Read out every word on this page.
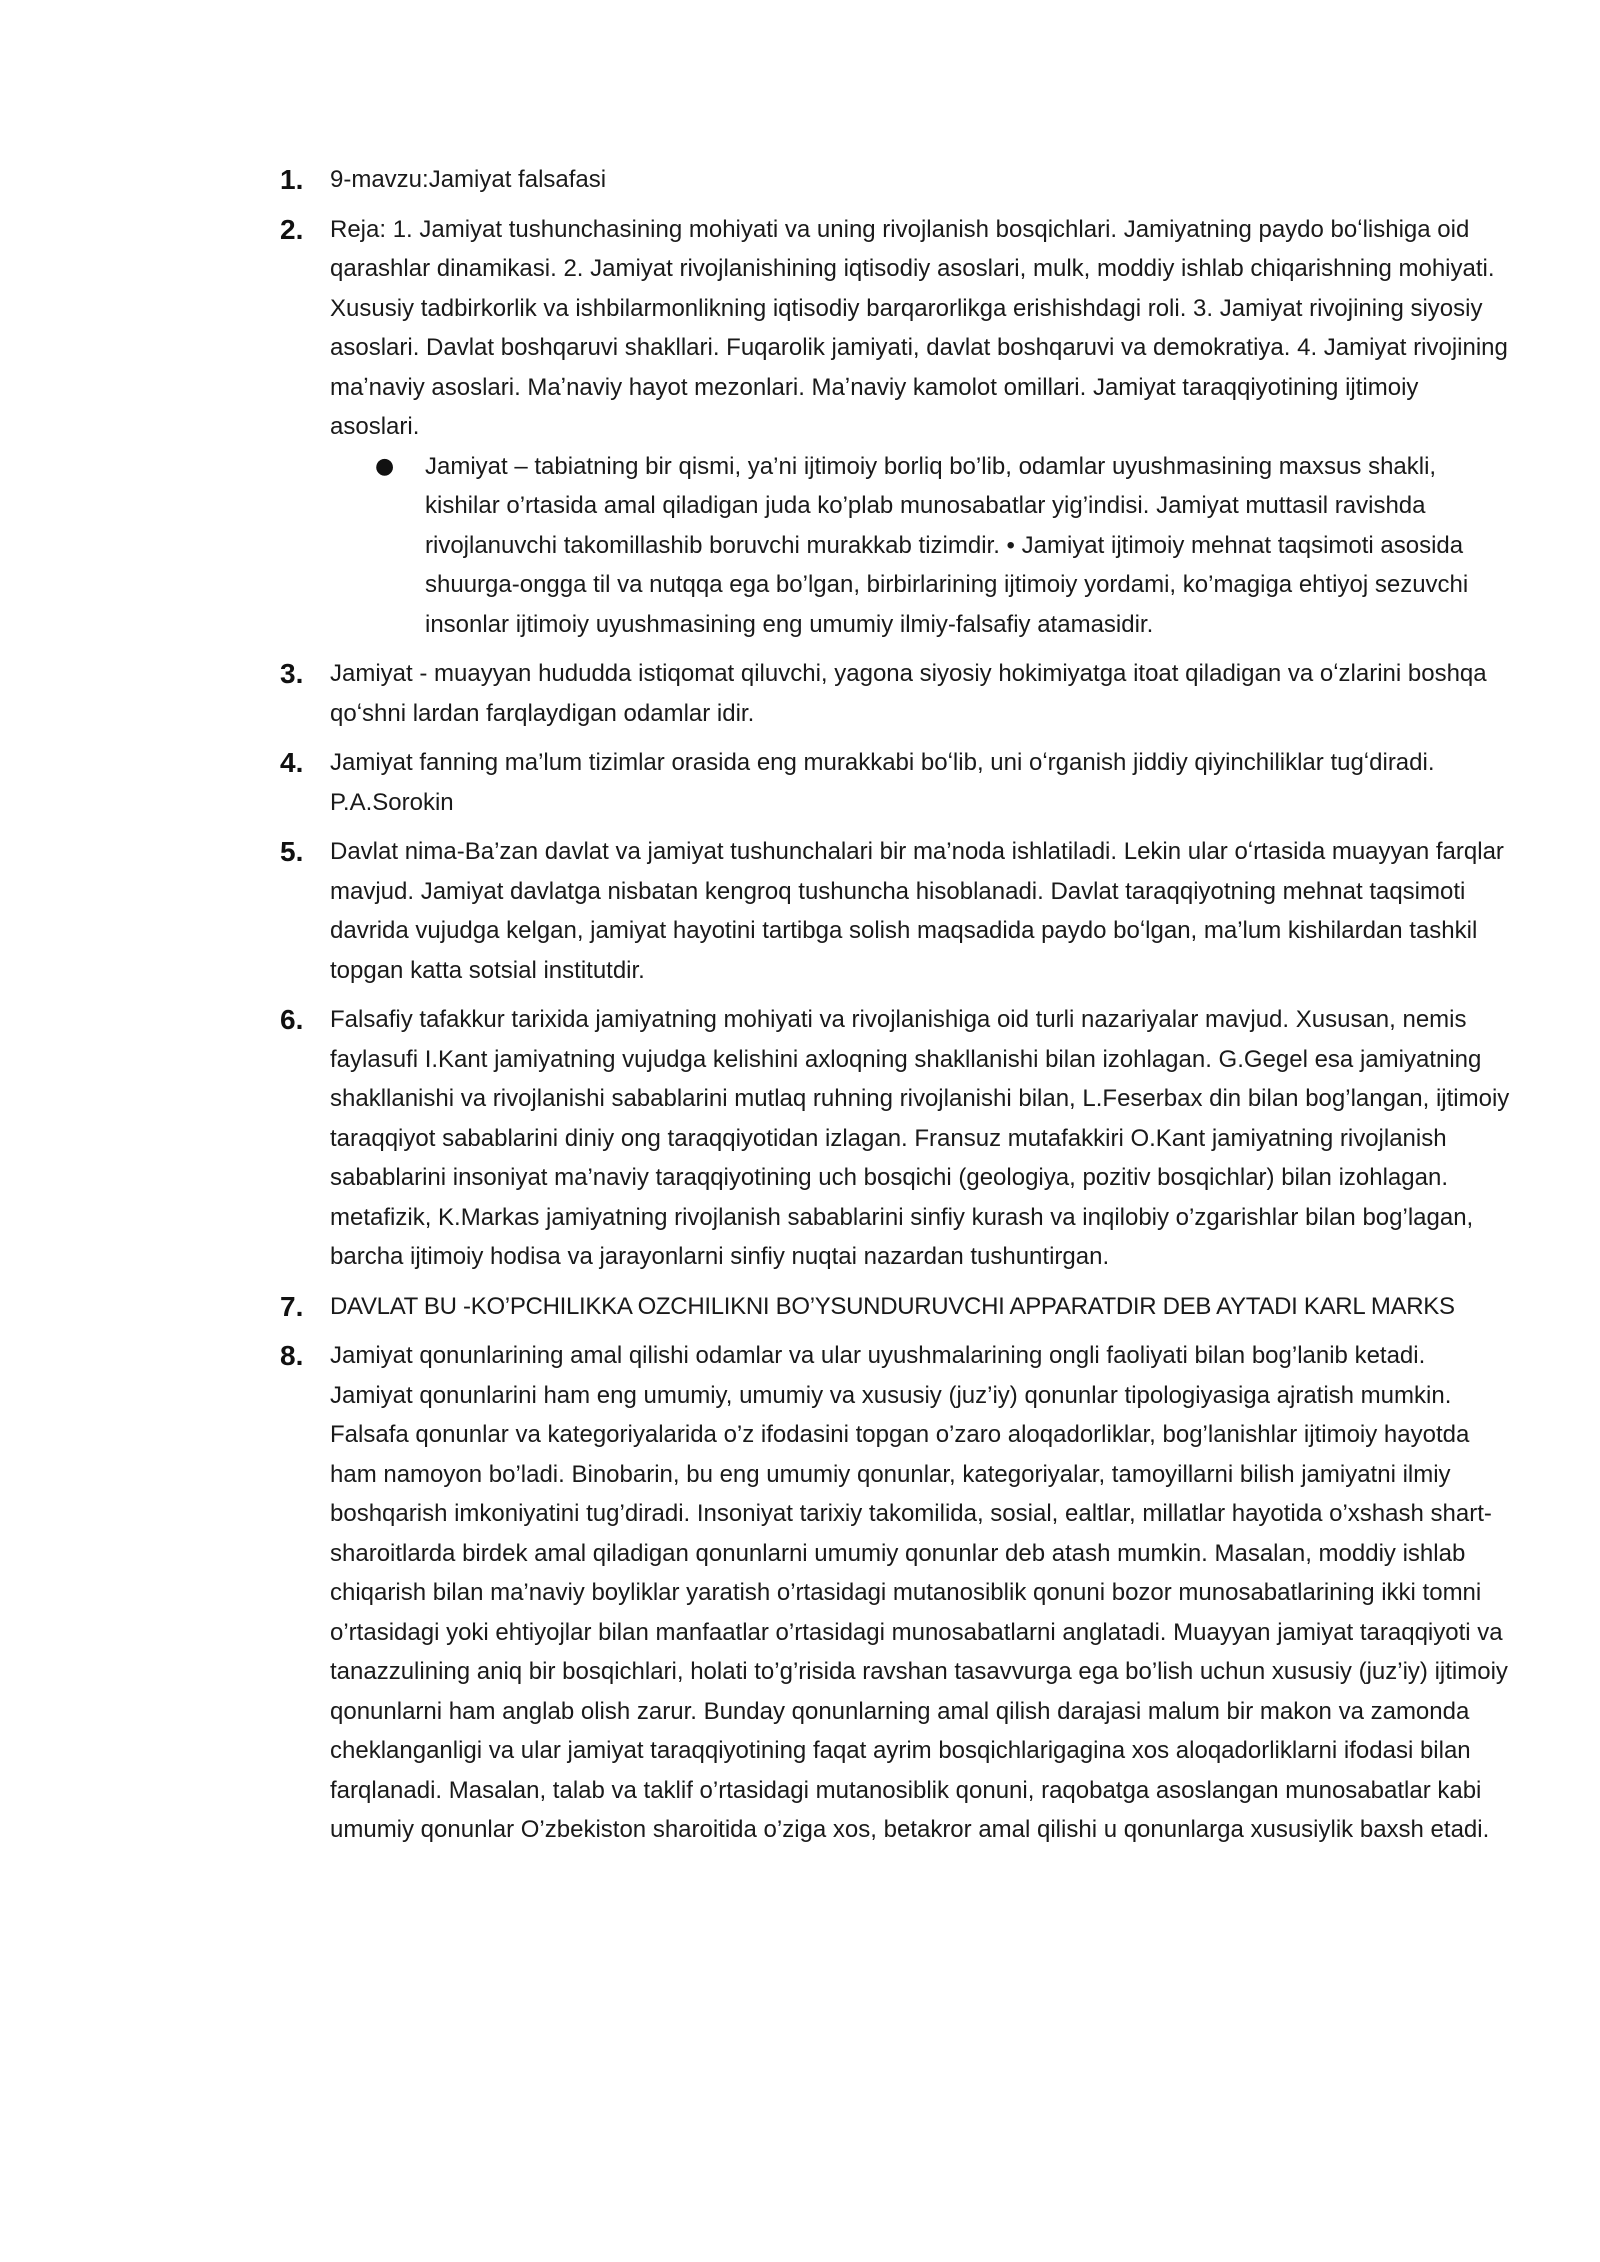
1. 9-mavzu:Jamiyat falsafasi
2. Reja: 1. Jamiyat tushunchasining mohiyati va uning rivojlanish bosqichlari. Jamiyatning paydo boʻlishiga oid qarashlar dinamikasi. 2. Jamiyat rivojlanishining iqtisodiy asoslari, mulk, moddiy ishlab chiqarishning mohiyati. Xususiy tadbirkorlik va ishbilarmonlikning iqtisodiy barqarorlikga erishishdagi roli. 3. Jamiyat rivojining siyosiy asoslari. Davlat boshqaruvi shakllari. Fuqarolik jamiyati, davlat boshqaruvi va demokratiya. 4. Jamiyat rivojining maʼnaviy asoslari. Maʼnaviy hayot mezonlari. Maʼnaviy kamolot omillari. Jamiyat taraqqiyotining ijtimoiy asoslari.
● Jamiyat – tabiatning bir qismi, ya’ni ijtimoiy borliq bo’lib, odamlar uyushmasining maxsus shakli, kishilar o’rtasida amal qiladigan juda ko’plab munosabatlar yig’indisi. Jamiyat muttasil ravishda rivojlanuvchi takomillashib boruvchi murakkab tizimdir. • Jamiyat ijtimoiy mehnat taqsimoti asosida shuurga-ongga til va nutqqa ega bo’lgan, birbirlarining ijtimoiy yordami, ko’magiga ehtiyoj sezuvchi insonlar ijtimoiy uyushmasining eng umumiy ilmiy-falsafiy atamasidir.
3. Jamiyat - muayyan hududda istiqomat qiluvchi, yagona siyosiy hokimiyatga itoat qiladigan va oʻzlarini boshqa qoʻshni lardan farqlaydigan odamlar idir.
4. Jamiyat fanning ma’lum tizimlar orasida eng murakkabi boʻlib, uni oʻrganish jiddiy qiyinchiliklar tugʻdiradi. P.A.Sorokin
5. Davlat nima-Ba’zan davlat va jamiyat tushunchalari bir ma’noda ishlatiladi. Lekin ular oʻrtasida muayyan farqlar mavjud. Jamiyat davlatga nisbatan kengroq tushuncha hisoblanadi. Davlat taraqqiyotning mehnat taqsimoti davrida vujudga kelgan, jamiyat hayotini tartibga solish maqsadida paydo boʻlgan, ma’lum kishilardan tashkil topgan katta sotsial institutdir.
6. Falsafiy tafakkur tarixida jamiyatning mohiyati va rivojlanishiga oid turli nazariyalar mavjud. Xususan, nemis faylasufi I.Kant jamiyatning vujudga kelishini axloqning shakllanishi bilan izohlagan. G.Gegel esa jamiyatning shakllanishi va rivojlanishi sabablarini mutlaq ruhning rivojlanishi bilan, L.Feserbax din bilan bog’langan, ijtimoiy taraqqiyot sabablarini diniy ong taraqqiyotidan izlagan. Fransuz mutafakkiri O.Kant jamiyatning rivojlanish sabablarini insoniyat ma’naviy taraqqiyotining uch bosqichi (geologiya, pozitiv bosqichlar) bilan izohlagan. metafizik, K.Markas jamiyatning rivojlanish sabablarini sinfiy kurash va inqilobiy o’zgarishlar bilan bog’lagan, barcha ijtimoiy hodisa va jarayonlarni sinfiy nuqtai nazardan tushuntirgan.
7. DAVLAT BU -KO’PCHILIKKA OZCHILIKNI BO’YSUNDURUVCHI APPARATDIR DEB AYTADI KARL MARKS
8. Jamiyat qonunlarining amal qilishi odamlar va ular uyushmalarining ongli faoliyati bilan bog’lanib ketadi. Jamiyat qonunlarini ham eng umumiy, umumiy va xususiy (juz’iy) qonunlar tipologiyasiga ajratish mumkin. Falsafa qonunlar va kategoriyalarida o’z ifodasini topgan o’zaro aloqadorliklar, bog’lanishlar ijtimoiy hayotda ham namoyon bo’ladi. Binobarin, bu eng umumiy qonunlar, kategoriyalar, tamoyillarni bilish jamiyatni ilmiy boshqarish imkoniyatini tug’diradi. Insoniyat tarixiy takomilida, sosial, ealtlar, millatlar hayotida o’xshash shart-sharoitlarda birdek amal qiladigan qonunlarni umumiy qonunlar deb atash mumkin. Masalan, moddiy ishlab chiqarish bilan ma’naviy boyliklar yaratish o’rtasidagi mutanosiblik qonuni bozor munosabatlarining ikki tomni o’rtasidagi yoki ehtiyojlar bilan manfaatlar o’rtasidagi munosabatlarni anglatadi. Muayyan jamiyat taraqqiyoti va tanazzulining aniq bir bosqichlari, holati to’g’risida ravshan tasavvurga ega bo’lish uchun xususiy (juz’iy) ijtimoiy qonunlarni ham anglab olish zarur. Bunday qonunlarning amal qilish darajasi malum bir makon va zamonda cheklanganligi va ular jamiyat taraqqiyotining faqat ayrim bosqichlarigagina xos aloqadorliklarni ifodasi bilan farqlanadi. Masalan, talab va taklif o’rtasidagi mutanosiblik qonuni, raqobatga asoslangan munosabatlar kabi umumiy qonunlar O’zbekiston sharoitida o’ziga xos, betakror amal qilishi u qonunlarga xususiylik baxsh etadi.
